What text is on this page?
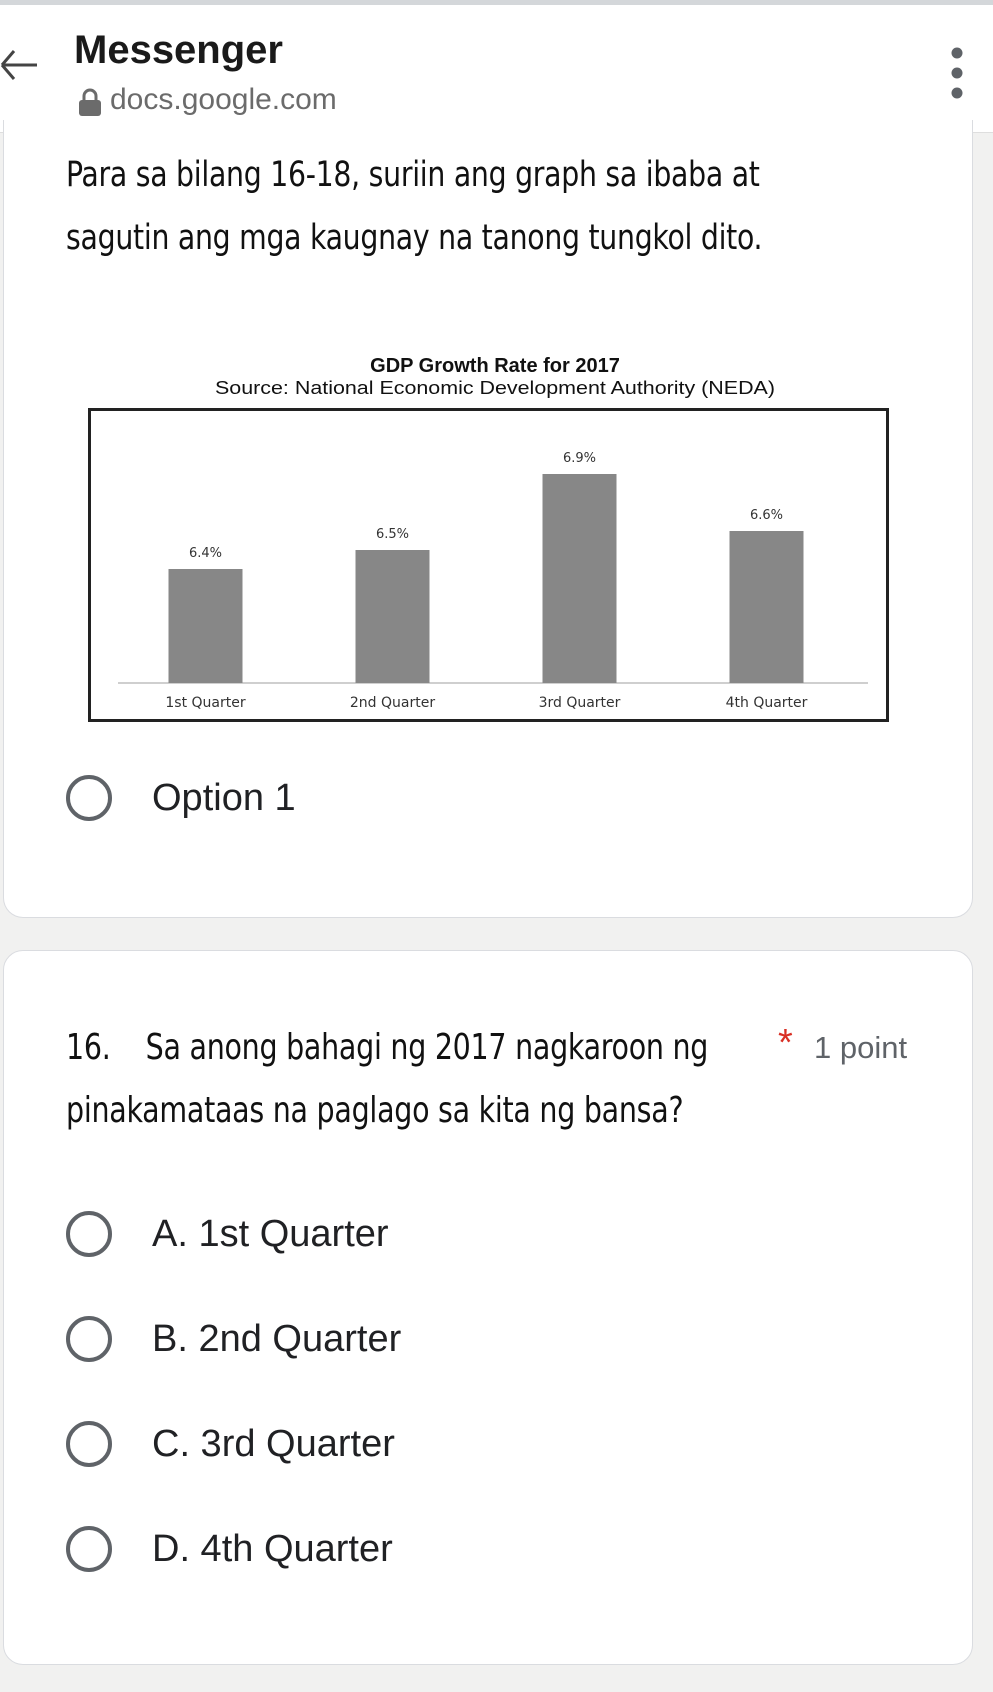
Messenger
docs.google.com
Para sa bilang 16-18, suriin ang graph sa ibaba at
sagutin ang mga kaugnay na tanong tungkol dito.
GDP Growth Rate for 2017
Source: National Economic Development Authority (NEDA)
6.4%
1st Quarter
6.5%
2nd Quarter
6.9%
3rd Quarter
6.6%
4th Quarter
Option 1
16. Sa anong bahagi ng 2017 nagkaroon ng * 1 point
pinakamataas na paglago sa kita ng bansa?
A. 1st Quarter
B. 2nd Quarter
C. 3rd Quarter
D. 4th Quarter
